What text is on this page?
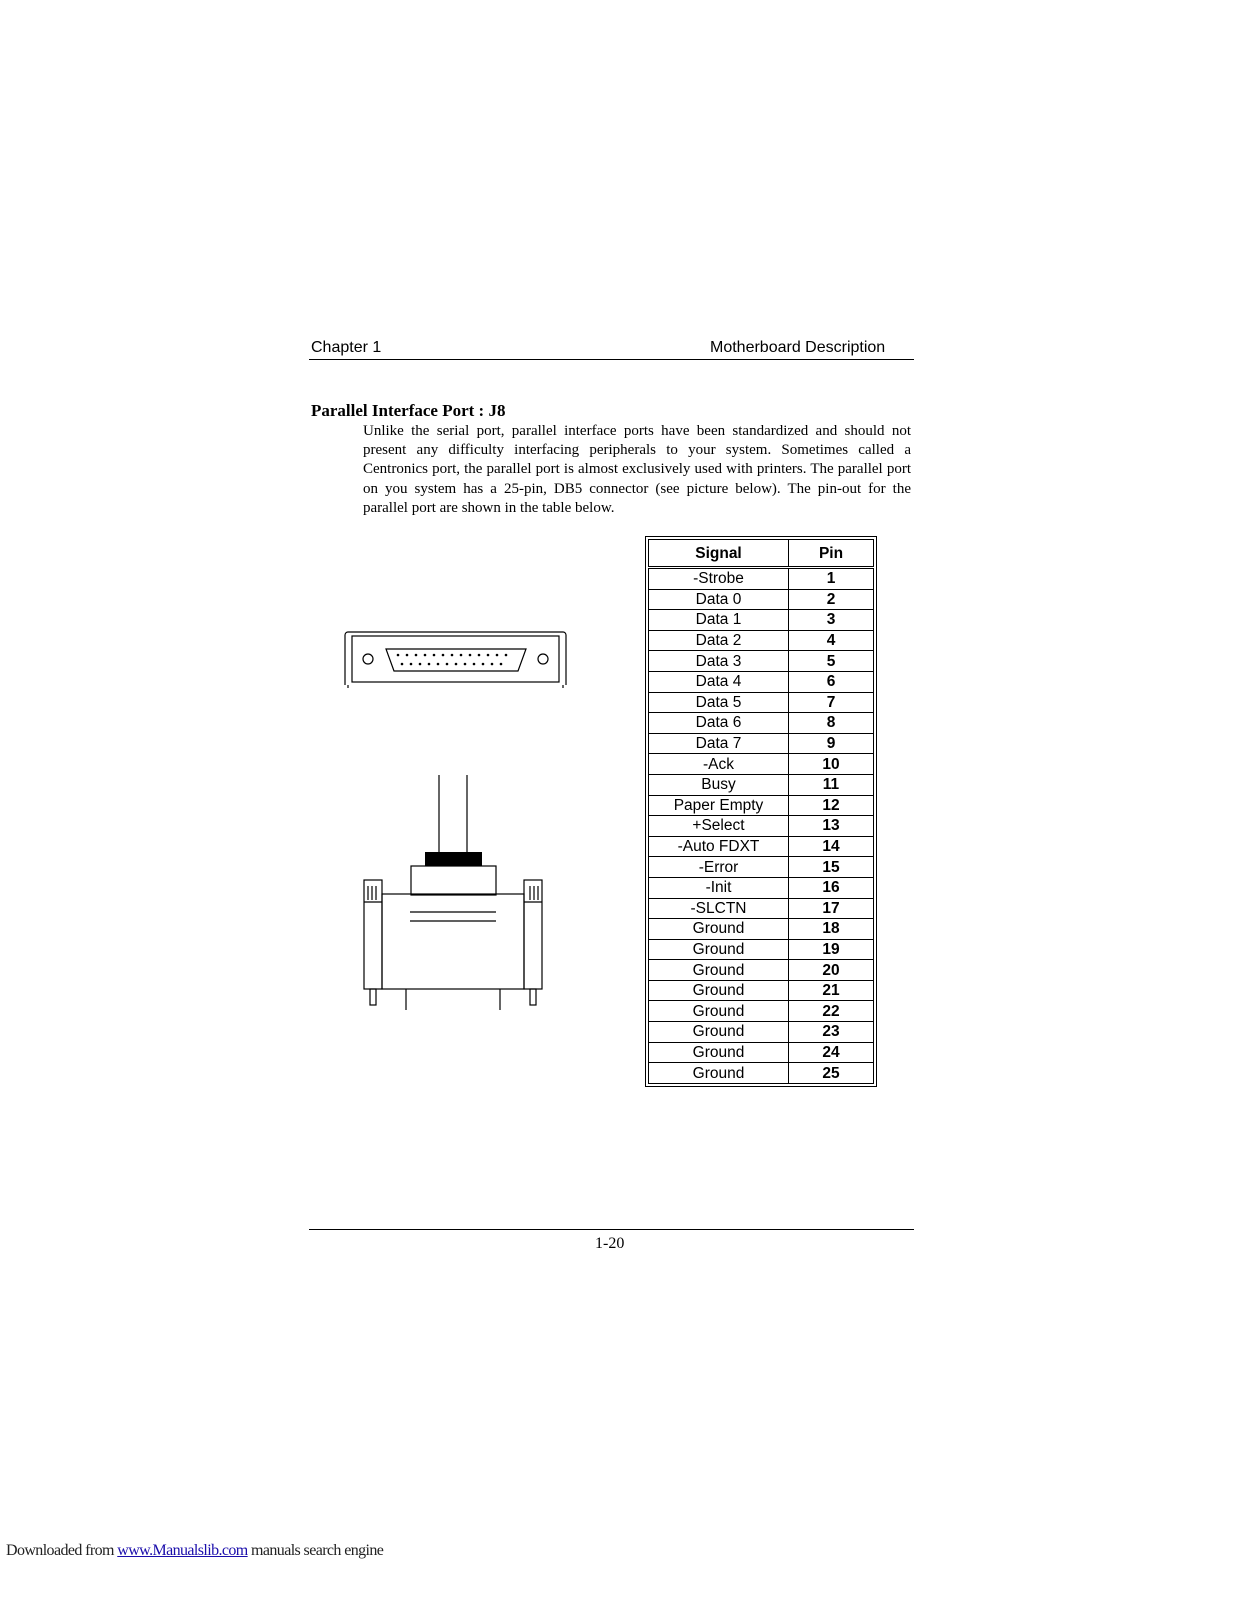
Chapter 1	Motherboard Description
Parallel Interface Port : J8
Unlike the serial port, parallel interface ports have been standardized and should not present any difficulty interfacing peripherals to your system. Sometimes called a Centronics port, the parallel port is almost exclusively used with printers. The parallel port on you system has a 25-pin, DB5 connector (see picture below). The pin-out for the parallel port are shown in the table below.
Signal	Pin
-Strobe	1
Data 0	2
Data 1	3
Data 2	4
Data 3	5
Data 4	6
Data 5	7
Data 6	8
Data 7	9
-Ack	10
Busy	11
Paper Empty	12
+Select	13
-Auto FDXT	14
-Error	15
-Init	16
-SLCTN	17
Ground	18
Ground	19
Ground	20
Ground	21
Ground	22
Ground	23
Ground	24
Ground	25
1-20
Downloaded from www.Manualslib.com manuals search engine
